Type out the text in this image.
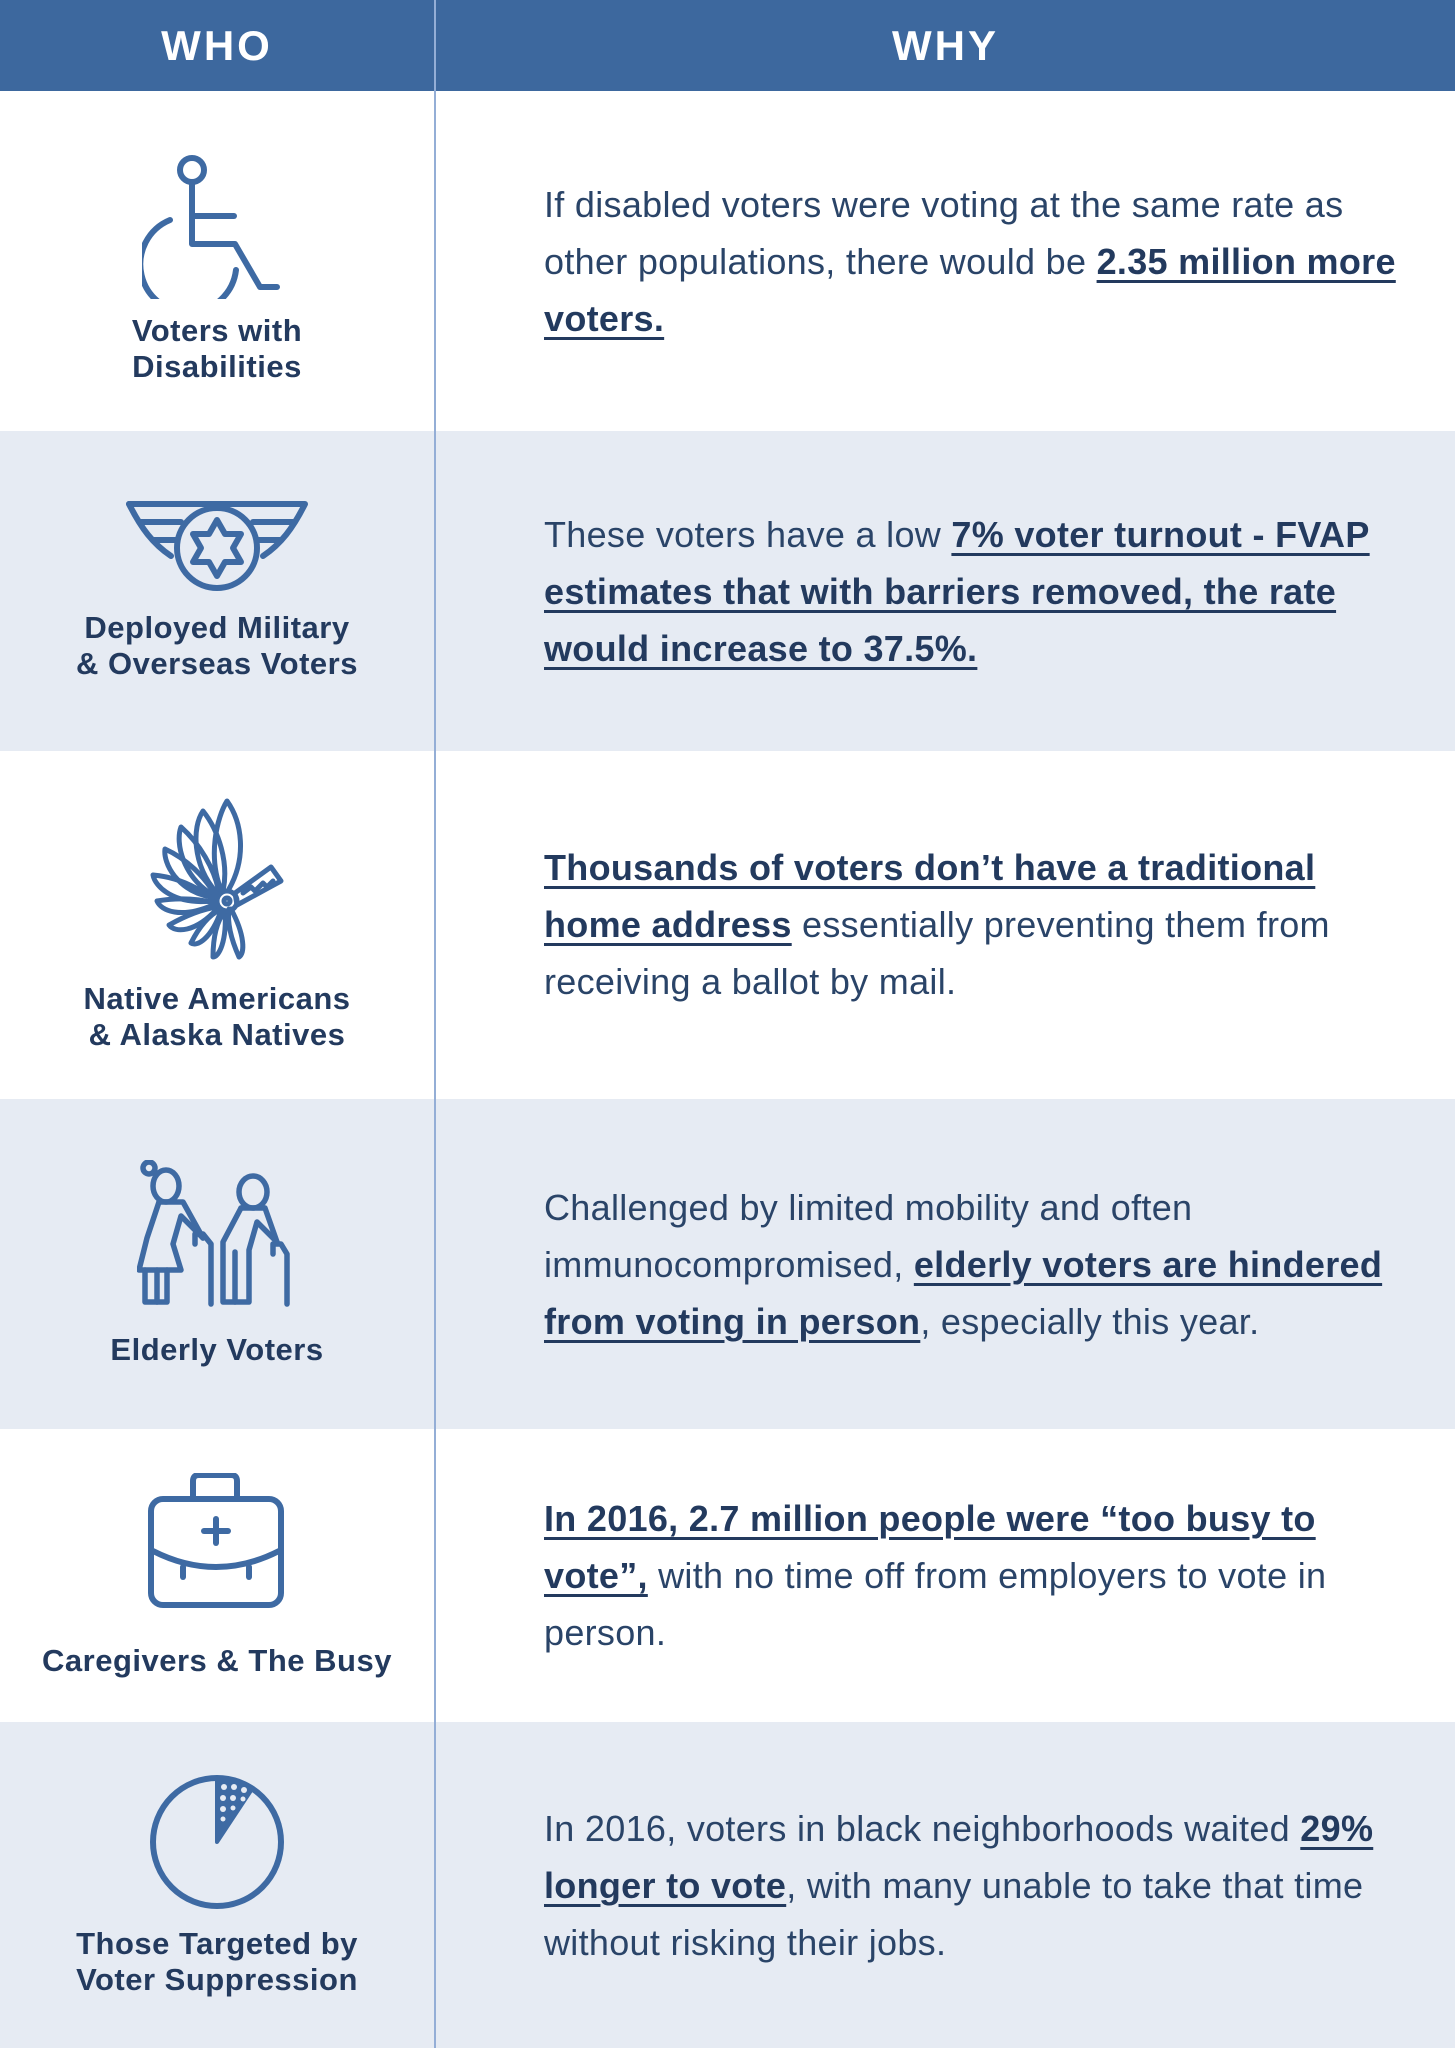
WHO	WHY
Voters with
Disabilities
If disabled voters were voting at the same rate as other populations, there would be 2.35 million more voters.
Deployed Military
& Overseas Voters
These voters have a low 7% voter turnout - FVAP estimates that with barriers removed, the rate would increase to 37.5%.
Native Americans
& Alaska Natives
Thousands of voters don’t have a traditional home address essentially preventing them from receiving a ballot by mail.
Elderly Voters
Challenged by limited mobility and often immunocompromised, elderly voters are hindered from voting in person, especially this year.
Caregivers & The Busy
In 2016, 2.7 million people were “too busy to vote”, with no time off from employers to vote in person.
Those Targeted by
Voter Suppression
In 2016, voters in black neighborhoods waited 29% longer to vote, with many unable to take that time without risking their jobs.
